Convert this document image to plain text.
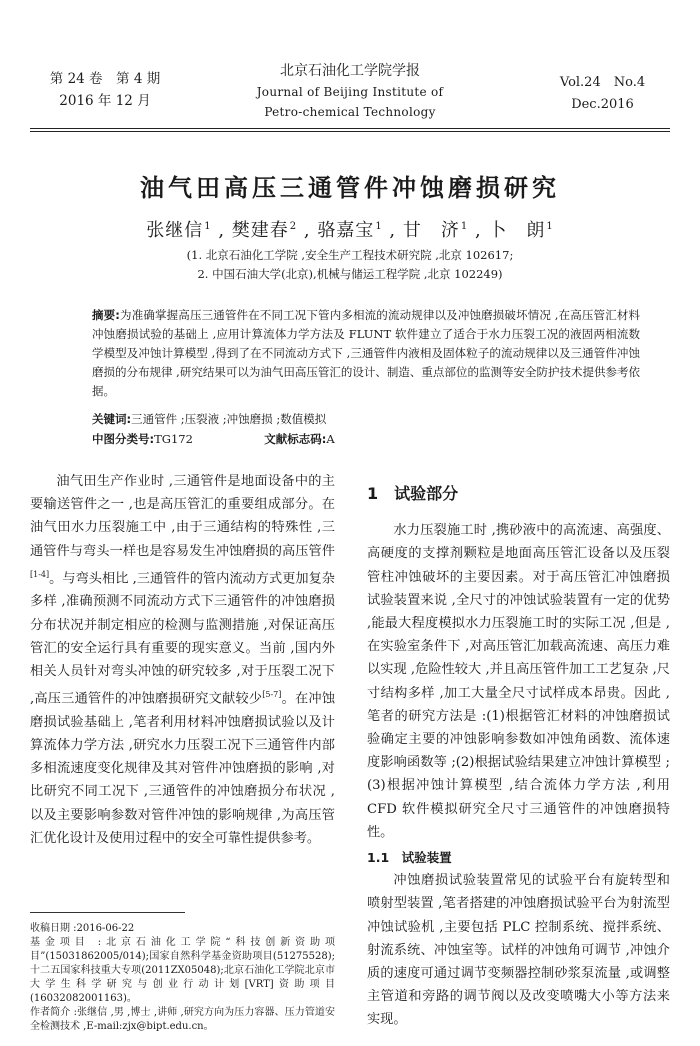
第 24 卷　第 4 期
2016 年 12 月
北京石油化工学院学报
Journal of Beijing Institute of
Petro-chemical Technology
Vol.24　No.4
Dec.2016
油气田高压三通管件冲蚀磨损研究
张继信$^1$ , 樊建春$^2$ , 骆嘉宝$^1$ , 甘　济$^1$ , 卜　朗$^1$
(1. 北京石油化工学院 ,安全生产工程技术研究院 ,北京 102617;
2. 中国石油大学(北京),机械与储运工程学院 ,北京 102249)
摘要:为准确掌握高压三通管件在不同工况下管内多相流的流动规律以及冲蚀磨损破坏情况 ,在高压管汇材料冲蚀磨损试验的基础上 ,应用计算流体力学方法及 FLUNT 软件建立了适合于水力压裂工况的液固两相流数学模型及冲蚀计算模型 ,得到了在不同流动方式下 ,三通管件内液相及固体粒子的流动规律以及三通管件冲蚀磨损的分布规律 ,研究结果可以为油气田高压管汇的设计、制造、重点部位的监测等安全防护技术提供参考依据。
关键词:三通管件 ;压裂液 ;冲蚀磨损 ;数值模拟
中图分类号:TG172	文献标志码:A

油气田生产作业时 ,三通管件是地面设备中的主要输送管件之一 ,也是高压管汇的重要组成部分。在油气田水力压裂施工中 ,由于三通结构的特殊性 ,三通管件与弯头一样也是容易发生冲蚀磨损的高压管件[1-4]。与弯头相比 ,三通管件的管内流动方式更加复杂多样 ,准确预测不同流动方式下三通管件的冲蚀磨损分布状况并制定相应的检测与监测措施 ,对保证高压管汇的安全运行具有重要的现实意义。当前 ,国内外相关人员针对弯头冲蚀的研究较多 ,对于压裂工况下 ,高压三通管件的冲蚀磨损研究文献较少[5-7]。在冲蚀磨损试验基础上 ,笔者利用材料冲蚀磨损试验以及计算流体力学方法 ,研究水力压裂工况下三通管件内部多相流速度变化规律及其对管件冲蚀磨损的影响 ,对比研究不同工况下 ,三通管件的冲蚀磨损分布状况 ,以及主要影响参数对管件冲蚀的影响规律 ,为高压管汇优化设计及使用过程中的安全可靠性提供参考。

收稿日期 :2016-06-22
基金项目 :北京石油化工学院“科技创新资助项目”(15031862005/014);国家自然科学基金资助项目(51275528);十二五国家科技重大专项(2011ZX05048);北京石油化工学院北京市大学生科学研究与创业行动计划[VRT]资助项目(16032082001163)。
作者简介 :张继信 ,男 ,博士 ,讲师 ,研究方向为压力容器、压力管道安全检测技术 ,E-mail:zjx@bipt.edu.cn。
1　试验部分

水力压裂施工时 ,携砂液中的高流速、高强度、高硬度的支撑剂颗粒是地面高压管汇设备以及压裂管柱冲蚀破坏的主要因素。对于高压管汇冲蚀磨损试验装置来说 ,全尺寸的冲蚀试验装置有一定的优势 ,能最大程度模拟水力压裂施工时的实际工况 ,但是 ,在实验室条件下 ,对高压管汇加载高流速、高压力难以实现 ,危险性较大 ,并且高压管件加工工艺复杂 ,尺寸结构多样 ,加工大量全尺寸试样成本昂贵。因此 ,笔者的研究方法是 :(1)根据管汇材料的冲蚀磨损试验确定主要的冲蚀影响参数如冲蚀角函数、流体速度影响函数等 ;(2)根据试验结果建立冲蚀计算模型 ;(3)根据冲蚀计算模型 ,结合流体力学方法 ,利用 CFD 软件模拟研究全尺寸三通管件的冲蚀磨损特性。

1.1　试验装置

冲蚀磨损试验装置常见的试验平台有旋转型和喷射型装置 ,笔者搭建的冲蚀磨损试验平台为射流型冲蚀试验机 ,主要包括 PLC 控制系统、搅拌系统、射流系统、冲蚀室等。试样的冲蚀角可调节 ,冲蚀介质的速度可通过调节变频器控制砂浆泵流量 ,或调整主管道和旁路的调节阀以及改变喷嘴大小等方法来实现。
